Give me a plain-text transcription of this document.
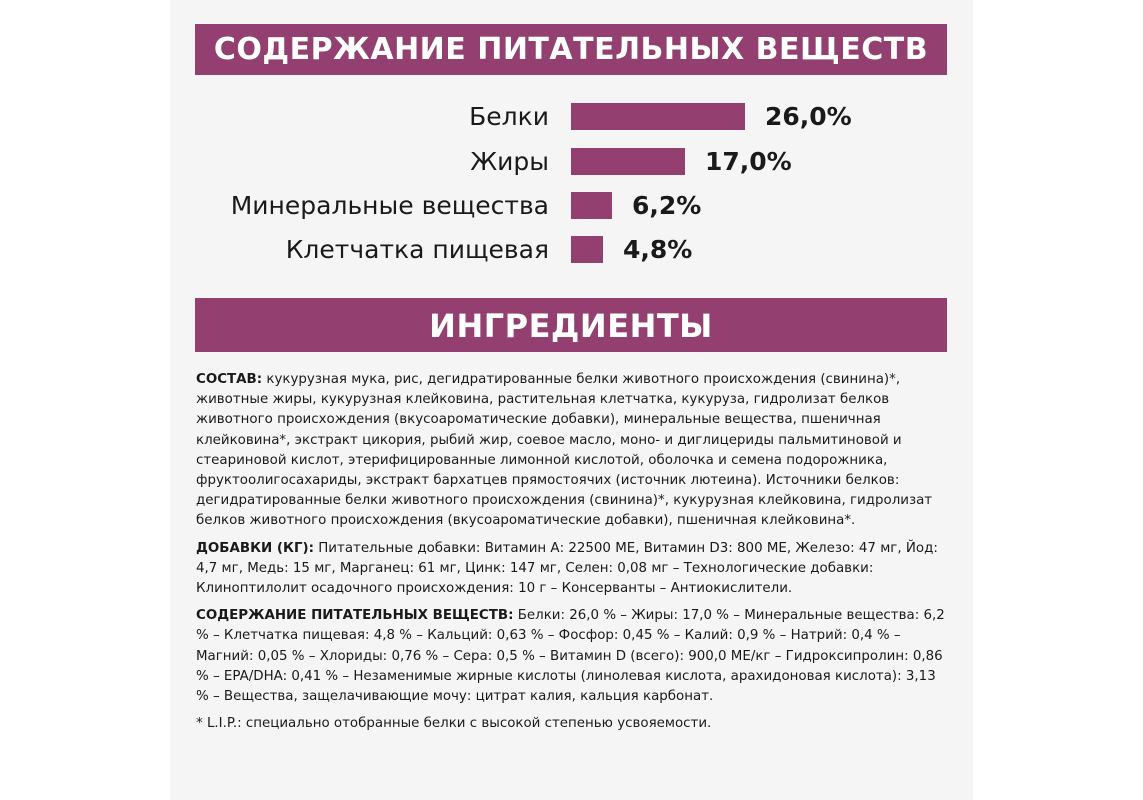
СОДЕРЖАНИЕ ПИТАТЕЛЬНЫХ ВЕЩЕСТВ
Белки	26,0%
Жиры	17,0%
Минеральные вещества	6,2%
Клетчатка пищевая	4,8%
ИНГРЕДИЕНТЫ

СОСТАВ: кукурузная мука, рис, дегидратированные белки животного происхождения (свинина)*, животные жиры, кукурузная клейковина, растительная клетчатка, кукуруза, гидролизат белков животного происхождения (вкусоароматические добавки), минеральные вещества, пшеничная клейковина*, экстракт цикория, рыбий жир, соевое масло, моно- и диглицериды пальмитиновой и стеариновой кислот, этерифицированные лимонной кислотой, оболочка и семена подорожника, фруктоолигосахариды, экстракт бархатцев прямостоячих (источник лютеина). Источники белков: дегидратированные белки животного происхождения (свинина)*, кукурузная клейковина, гидролизат белков животного происхождения (вкусоароматические добавки), пшеничная клейковина*.

ДОБАВКИ (КГ): Питательные добавки: Витамин А: 22500 МЕ, Витамин D3: 800 МЕ, Железо: 47 мг, Йод: 4,7 мг, Медь: 15 мг, Марганец: 61 мг, Цинк: 147 мг, Селен: 0,08 мг – Технологические добавки: Клиноптилолит осадочного происхождения: 10 г – Консерванты – Антиокислители.

СОДЕРЖАНИЕ ПИТАТЕЛЬНЫХ ВЕЩЕСТВ: Белки: 26,0 % – Жиры: 17,0 % – Минеральные вещества: 6,2 % – Клетчатка пищевая: 4,8 % – Кальций: 0,63 % – Фосфор: 0,45 % – Калий: 0,9 % – Натрий: 0,4 % – Магний: 0,05 % – Хлориды: 0,76 % – Сера: 0,5 % – Витамин D (всего): 900,0 МЕ/кг – Гидроксипролин: 0,86 % – EPA/DHA: 0,41 % – Незаменимые жирные кислоты (линолевая кислота, арахидоновая кислота): 3,13 % – Вещества, защелачивающие мочу: цитрат калия, кальция карбонат.

* L.I.P.: специально отобранные белки с высокой степенью усвояемости.
